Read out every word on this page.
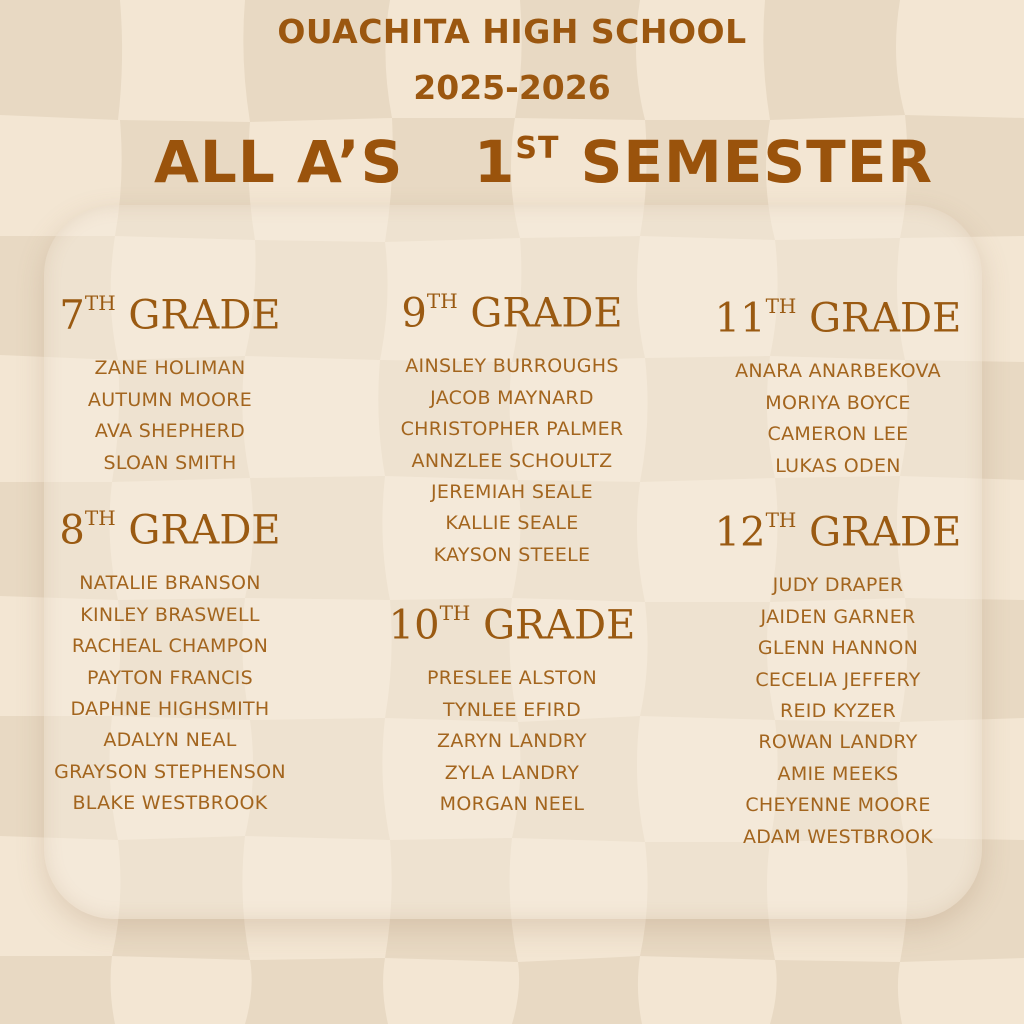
OUACHITA HIGH SCHOOL
2025-2026
ALL A’S 1ST SEMESTER
7TH GRADE
ZANE HOLIMAN
AUTUMN MOORE
AVA SHEPHERD
SLOAN SMITH
8TH GRADE
NATALIE BRANSON
KINLEY BRASWELL
RACHEAL CHAMPON
PAYTON FRANCIS
DAPHNE HIGHSMITH
ADALYN NEAL
GRAYSON STEPHENSON
BLAKE WESTBROOK
9TH GRADE
AINSLEY BURROUGHS
JACOB MAYNARD
CHRISTOPHER PALMER
ANNZLEE SCHOULTZ
JEREMIAH SEALE
KALLIE SEALE
KAYSON STEELE
10TH GRADE
PRESLEE ALSTON
TYNLEE EFIRD
ZARYN LANDRY
ZYLA LANDRY
MORGAN NEEL
11TH GRADE
ANARA ANARBEKOVA
MORIYA BOYCE
CAMERON LEE
LUKAS ODEN
12TH GRADE
JUDY DRAPER
JAIDEN GARNER
GLENN HANNON
CECELIA JEFFERY
REID KYZER
ROWAN LANDRY
AMIE MEEKS
CHEYENNE MOORE
ADAM WESTBROOK
